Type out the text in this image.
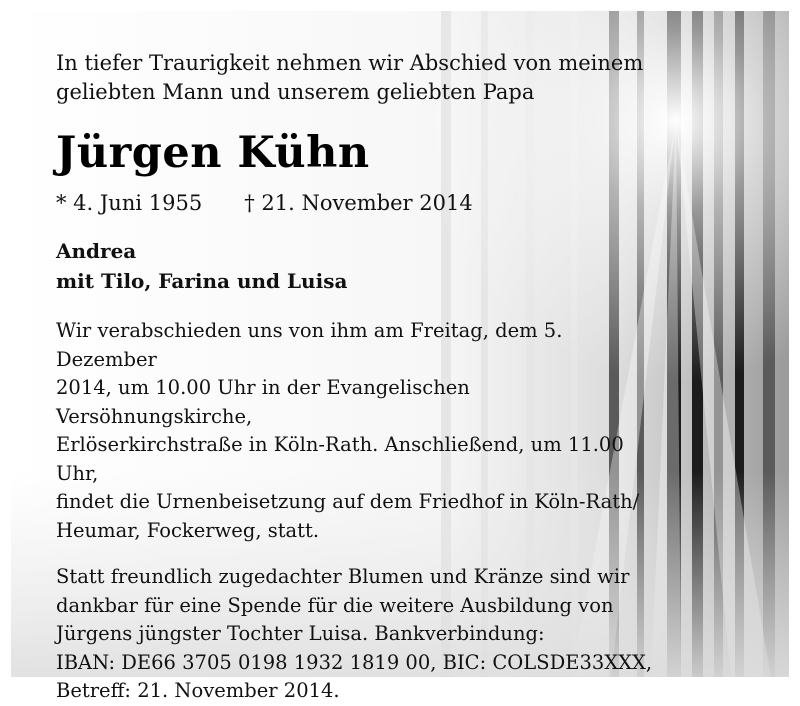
In tiefer Traurigkeit nehmen wir Abschied von meinem
geliebten Mann und unserem geliebten Papa

Jürgen Kühn
* 4. Juni 1955 † 21. November 2014
Andrea
mit Tilo, Farina und Luisa
Wir verabschieden uns von ihm am Freitag, dem 5. Dezember
2014, um 10.00 Uhr in der Evangelischen Versöhnungskirche,
Erlöserkirchstraße in Köln-Rath. Anschließend, um 11.00 Uhr,
findet die Urnenbeisetzung auf dem Friedhof in Köln-Rath/
Heumar, Fockerweg, statt.
Statt freundlich zugedachter Blumen und Kränze sind wir
dankbar für eine Spende für die weitere Ausbildung von
Jürgens jüngster Tochter Luisa. Bankverbindung:
IBAN: DE66 3705 0198 1932 1819 00, BIC: COLSDE33XXX,
Betreff: 21. November 2014.
